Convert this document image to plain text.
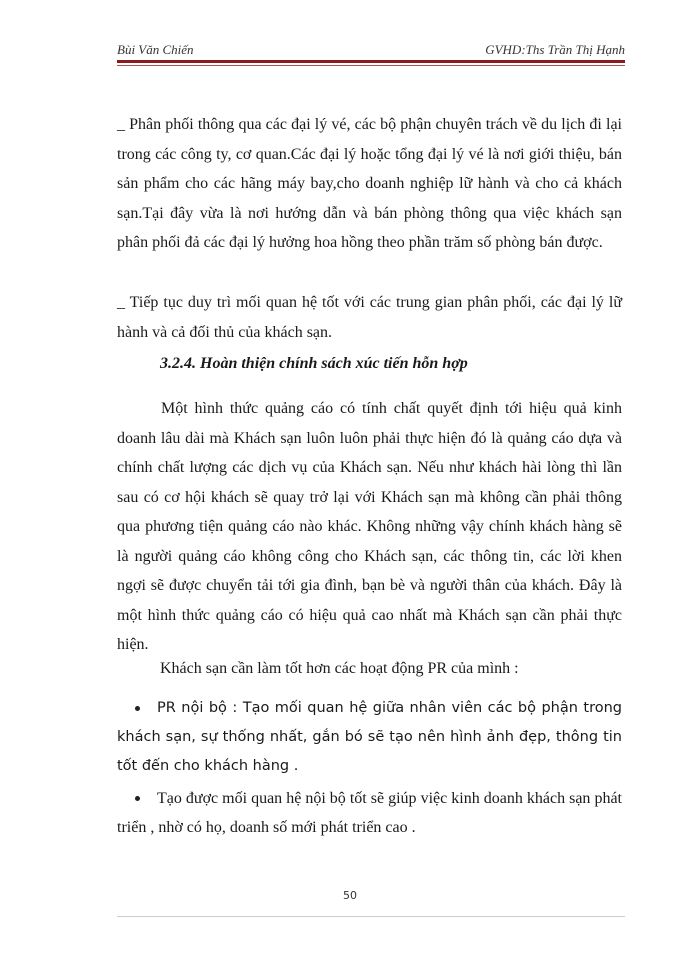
Bùi Văn Chiến	GVHD:Ths Trần Thị Hạnh

_ Phân phối thông qua các đại lý vé, các bộ phận chuyên trách về du lịch đi lại trong các công ty, cơ quan.Các đại lý hoặc tổng đại lý vé là nơi giới thiệu, bán sản phẩm cho các hãng máy bay,cho doanh nghiệp lữ hành và cho cả khách sạn.Tại đây vừa là nơi hướng dẫn và bán phòng thông qua việc khách sạn phân phối đả các đại lý hưởng hoa hồng theo phần trăm số phòng bán được.

_ Tiếp tục duy trì mối quan hệ tốt với các trung gian phân phối, các đại lý lữ hành và cả đối thủ của khách sạn.

3.2.4. Hoàn thiện chính sách xúc tiến hỗn hợp

Một hình thức quảng cáo có tính chất quyết định tới hiệu quả kinh doanh lâu dài mà Khách sạn luôn luôn phải thực hiện đó là quảng cáo dựa và chính chất lượng các dịch vụ của Khách sạn. Nếu như khách hài lòng thì lần sau có cơ hội khách sẽ quay trở lại với Khách sạn mà không cần phải thông qua phương tiện quảng cáo nào khác. Không những vậy chính khách hàng sẽ là người quảng cáo không công cho Khách sạn, các thông tin, các lời khen ngợi sẽ được chuyển tải tới gia đình, bạn bè và người thân của khách. Đây là một hình thức quảng cáo có hiệu quả cao nhất mà Khách sạn cần phải thực hiện.

Khách sạn cần làm tốt hơn các hoạt động PR của mình :

PR nội bộ : Tạo mối quan hệ giữa nhân viên các bộ phận trong khách sạn, sự thống nhất, gắn bó sẽ tạo nên hình ảnh đẹp, thông tin tốt đến cho khách hàng .

Tạo được mối quan hệ nội bộ tốt sẽ giúp việc kinh doanh khách sạn phát triển , nhờ có họ, doanh số mới phát triển cao .

50
